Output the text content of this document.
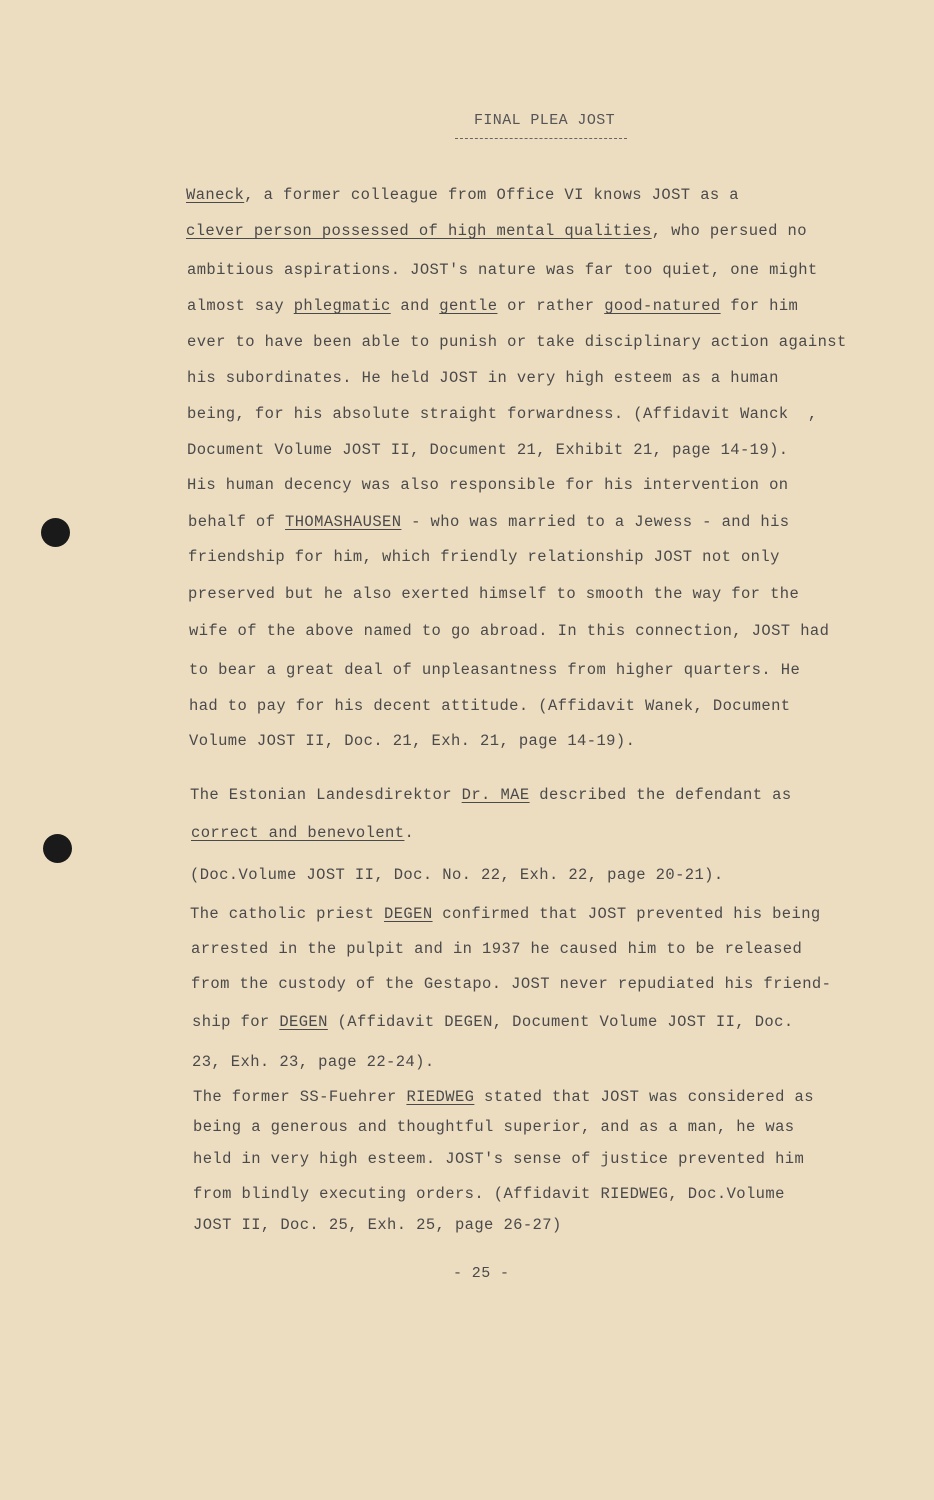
FINAL PLEA JOST
Waneck, a former colleague from Office VI knows JOST as a
clever person possessed of high mental qualities, who persued no
ambitious aspirations. JOST's nature was far too quiet, one might
almost say phlegmatic and gentle or rather good-natured for him
ever to have been able to punish or take disciplinary action against
his subordinates. He held JOST in very high esteem as a human
being, for his absolute straight forwardness. (Affidavit Wanck  ,
Document Volume JOST II, Document 21, Exhibit 21, page 14-19).
His human decency was also responsible for his intervention on
behalf of THOMASHAUSEN - who was married to a Jewess - and his
friendship for him, which friendly relationship JOST not only
preserved but he also exerted himself to smooth the way for the
wife of the above named to go abroad. In this connection, JOST had
to bear a great deal of unpleasantness from higher quarters. He
had to pay for his decent attitude. (Affidavit Wanek, Document
Volume JOST II, Doc. 21, Exh. 21, page 14-19).
The Estonian Landesdirektor Dr. MAE described the defendant as
correct and benevolent.
(Doc.Volume JOST II, Doc. No. 22, Exh. 22, page 20-21).
The catholic priest DEGEN confirmed that JOST prevented his being
arrested in the pulpit and in 1937 he caused him to be released
from the custody of the Gestapo. JOST never repudiated his friend-
ship for DEGEN (Affidavit DEGEN, Document Volume JOST II, Doc.
23, Exh. 23, page 22-24).
The former SS-Fuehrer RIEDWEG stated that JOST was considered as
being a generous and thoughtful superior, and as a man, he was
held in very high esteem. JOST's sense of justice prevented him
from blindly executing orders. (Affidavit RIEDWEG, Doc.Volume
JOST II, Doc. 25, Exh. 25, page 26-27)
- 25 -
